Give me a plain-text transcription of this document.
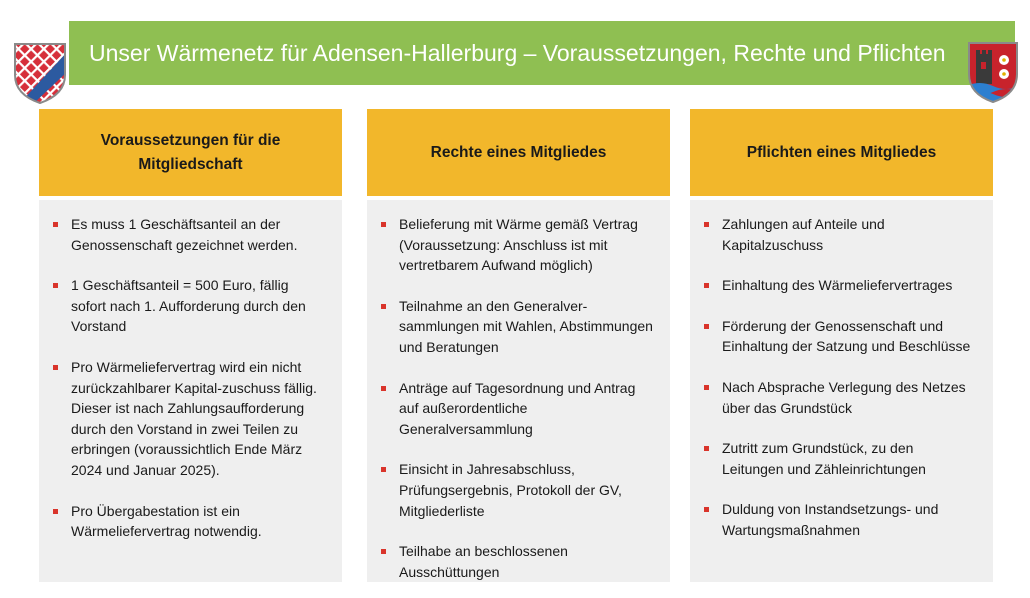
Unser Wärmenetz für Adensen-Hallerburg – Voraussetzungen, Rechte und Pflichten
Voraussetzungen für die Mitgliedschaft
Es muss 1 Geschäftsanteil an der Genossenschaft gezeichnet werden.
1 Geschäftsanteil = 500 Euro, fällig sofort nach 1. Aufforderung durch den Vorstand
Pro Wärmeliefervertrag wird ein nicht zurückzahlbarer Kapital-zuschuss fällig. Dieser ist nach Zahlungsaufforderung durch den Vorstand in zwei Teilen zu erbringen (voraussichtlich Ende März 2024 und Januar 2025).
Pro Übergabestation ist ein Wärmeliefervertrag notwendig.
Rechte eines Mitgliedes
Belieferung mit Wärme gemäß Vertrag (Voraussetzung: Anschluss ist mit vertretbarem Aufwand möglich)
Teilnahme an den Generalver-sammlungen mit Wahlen, Abstimmungen und Beratungen
Anträge auf Tagesordnung und Antrag auf außerordentliche Generalversammlung
Einsicht in Jahresabschluss, Prüfungsergebnis, Protokoll der GV, Mitgliederliste
Teilhabe an beschlossenen Ausschüttungen
Pflichten eines Mitgliedes
Zahlungen auf Anteile und Kapitalzuschuss
Einhaltung des Wärmeliefervertrages
Förderung der Genossenschaft und Einhaltung der Satzung und Beschlüsse
Nach Absprache Verlegung des Netzes über das Grundstück
Zutritt zum Grundstück, zu den Leitungen und Zähleinrichtungen
Duldung von Instandsetzungs- und Wartungsmaßnahmen
